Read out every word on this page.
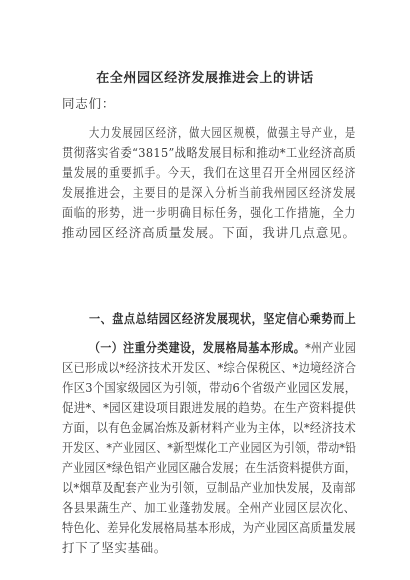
在全州园区经济发展推进会上的讲话
同志们：
大力发展园区经济，做大园区规模，做强主导产业，是
贯彻落实省委“3815”战略发展目标和推动*工业经济高质
量发展的重要抓手。今天，我们在这里召开全州园区经济
发展推进会，主要目的是深入分析当前我州园区经济发展
面临的形势，进一步明确目标任务，强化工作措施，全力
推动园区经济高质量发展。下面，我讲几点意见。
一、盘点总结园区经济发展现状，坚定信心乘势而上
（一）注重分类建设，发展格局基本形成。*州产业园
区已形成以*经济技术开发区、*综合保税区、*边境经济合
作区3个国家级园区为引领，带动6个省级产业园区发展，
促进*、*园区建设项目跟进发展的趋势。在生产资料提供
方面，以有色金属冶炼及新材料产业为主体，以*经济技术
开发区、*产业园区、*新型煤化工产业园区为引领，带动*铅
产业园区*绿色铝产业园区融合发展；在生活资料提供方面，
以*烟草及配套产业为引领，豆制品产业加快发展，及南部
各县果蔬生产、加工业蓬勃发展。全州产业园区层次化、
特色化、差异化发展格局基本形成，为产业园区高质量发展
打下了坚实基础。
